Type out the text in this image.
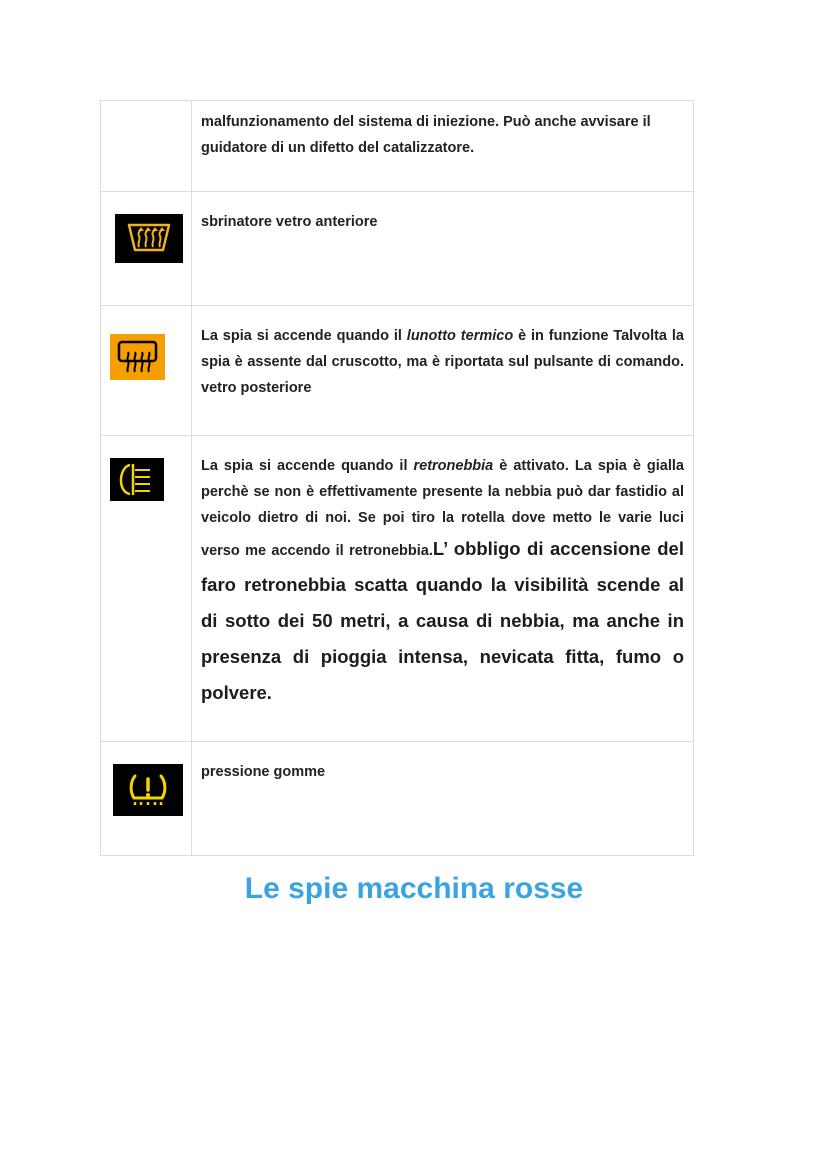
	malfunzionamento del sistema di iniezione. Può anche avvisare il guidatore di un difetto del catalizzatore.

sbrinatore vetro anteriore

La spia si accende quando il lunotto termico è in funzione Talvolta la spia è assente dal cruscotto, ma è riportata sul pulsante di comando. vetro posteriore

La spia si accende quando il retronebbia è attivato. La spia è gialla perchè se non è effettivamente presente la nebbia può dar fastidio al veicolo dietro di noi. Se poi tiro la rotella dove metto le varie luci verso me accendo il retronebbia.L’ obbligo di accensione del faro retronebbia scatta quando la visibilità scende al di sotto dei 50 metri, a causa di nebbia, ma anche in presenza di pioggia intensa, nevicata fitta, fumo o polvere.

pressione gomme
Le spie macchina rosse
